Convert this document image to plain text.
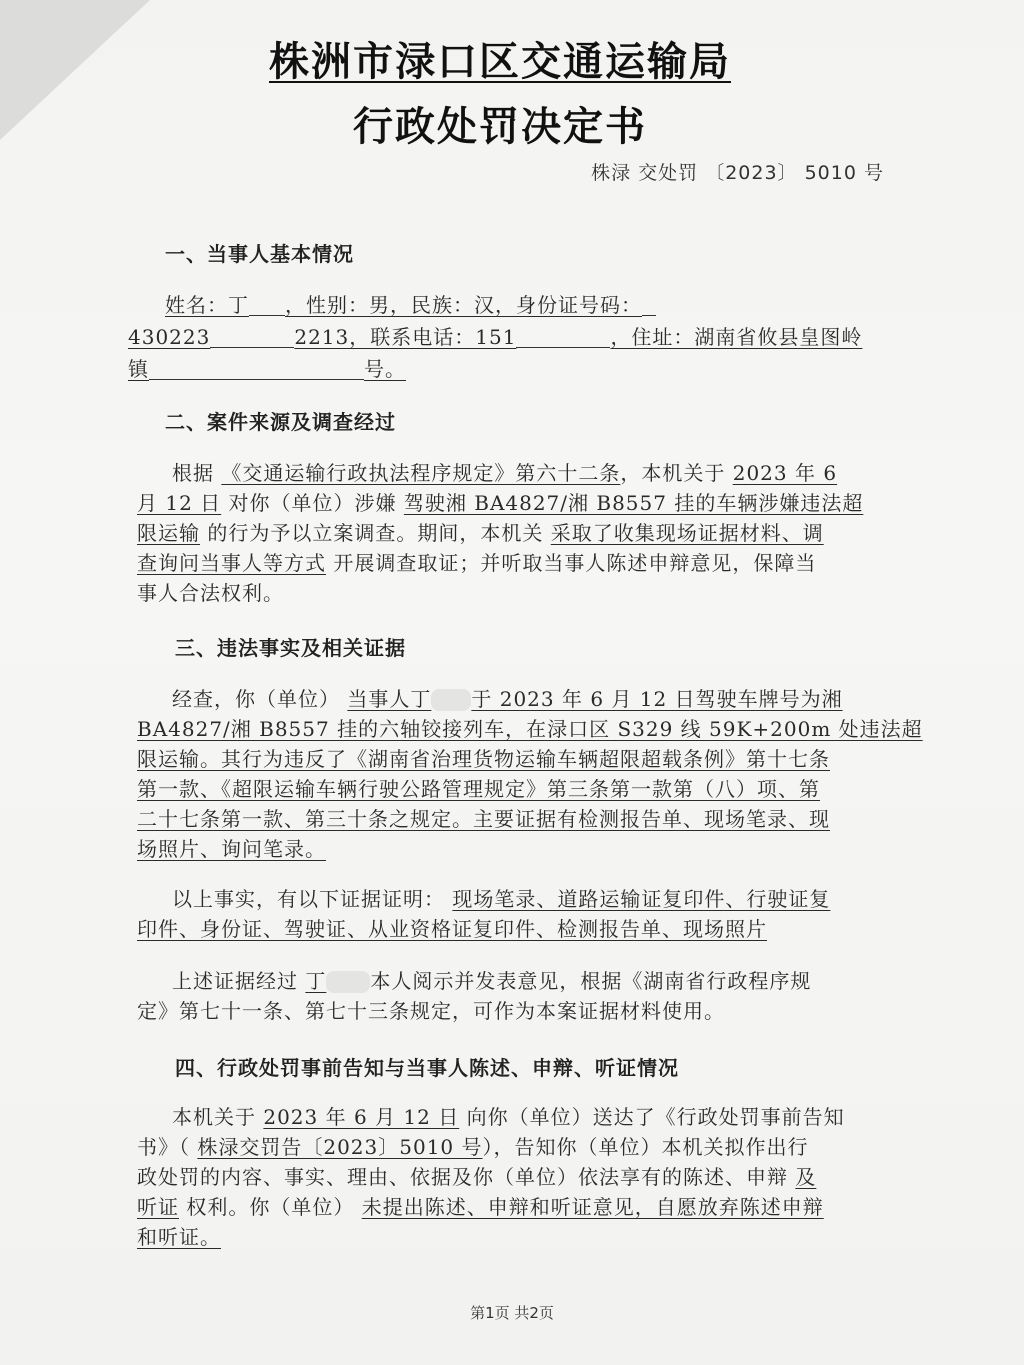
株洲市渌口区交通运输局
行政处罚决定书
株渌 交处罚 〔2023〕 5010 号
一、当事人基本情况
姓名：丁 ，性别：男，民族：汉，身份证号码：
430223	2213，联系电话：151	，住址：湖南省攸县皇图岭
镇	号。
二、案件来源及调查经过
根据 《交通运输行政执法程序规定》第六十二条，本机关于 2023 年 6
月 12 日 对你（单位）涉嫌 驾驶湘 BA4827/湘 B8557 挂的车辆涉嫌违法超
限运输 的行为予以立案调查。期间，本机关 采取了收集现场证据材料、调
查询问当事人等方式 开展调查取证；并听取当事人陈述申辩意见，保障当
事人合法权利。
三、违法事实及相关证据
经查，你（单位） 当事人丁 于 2023 年 6 月 12 日驾驶车牌号为湘
BA4827/湘 B8557 挂的六轴铰接列车，在渌口区 S329 线 59K+200m 处违法超
限运输。其行为违反了《湖南省治理货物运输车辆超限超载条例》第十七条
第一款、《超限运输车辆行驶公路管理规定》第三条第一款第（八）项、第
二十七条第一款、第三十条之规定。主要证据有检测报告单、现场笔录、现
场照片、询问笔录。
以上事实，有以下证据证明： 现场笔录、道路运输证复印件、行驶证复
印件、身份证、驾驶证、从业资格证复印件、检测报告单、现场照片
上述证据经过 丁 本人阅示并发表意见，根据《湖南省行政程序规
定》第七十一条、第七十三条规定，可作为本案证据材料使用。
四、行政处罚事前告知与当事人陈述、申辩、听证情况
本机关于 2023 年 6 月 12 日 向你（单位）送达了《行政处罚事前告知
书》（ 株渌交罚告〔2023〕5010 号），告知你（单位）本机关拟作出行
政处罚的内容、事实、理由、依据及你（单位）依法享有的陈述、申辩 及
听证 权利。你（单位） 未提出陈述、申辩和听证意见，自愿放弃陈述申辩
和听证。
第1页 共2页
